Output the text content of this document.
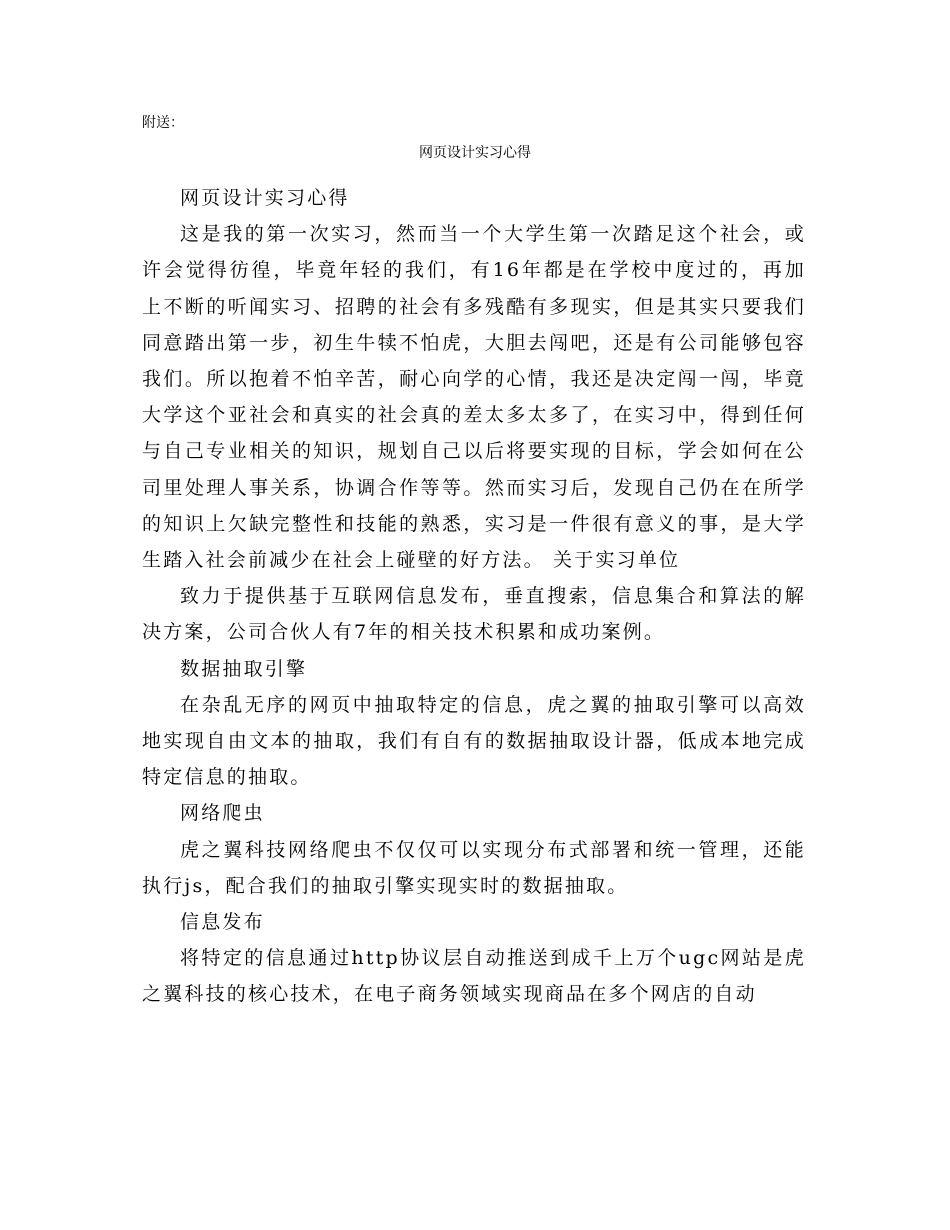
附送：
网页设计实习心得

网页设计实习心得

这是我的第一次实习，然而当一个大学生第一次踏足这个社会，或许会觉得彷徨，毕竟年轻的我们，有16年都是在学校中度过的，再加上不断的听闻实习、招聘的社会有多残酷有多现实，但是其实只要我们同意踏出第一步，初生牛犊不怕虎，大胆去闯吧，还是有公司能够包容我们。所以抱着不怕辛苦，耐心向学的心情，我还是决定闯一闯，毕竟大学这个亚社会和真实的社会真的差太多太多了，在实习中，得到任何与自己专业相关的知识，规划自己以后将要实现的目标，学会如何在公司里处理人事关系，协调合作等等。然而实习后，发现自己仍在在所学的知识上欠缺完整性和技能的熟悉，实习是一件很有意义的事，是大学生踏入社会前减少在社会上碰壁的好方法。 关于实习单位

致力于提供基于互联网信息发布，垂直搜索，信息集合和算法的解决方案，公司合伙人有7年的相关技术积累和成功案例。

数据抽取引擎

在杂乱无序的网页中抽取特定的信息，虎之翼的抽取引擎可以高效地实现自由文本的抽取，我们有自有的数据抽取设计器，低成本地完成特定信息的抽取。

网络爬虫

虎之翼科技网络爬虫不仅仅可以实现分布式部署和统一管理，还能执行js，配合我们的抽取引擎实现实时的数据抽取。

信息发布

将特定的信息通过http协议层自动推送到成千上万个ugc网站是虎之翼科技的核心技术，在电子商务领域实现商品在多个网店的自动
